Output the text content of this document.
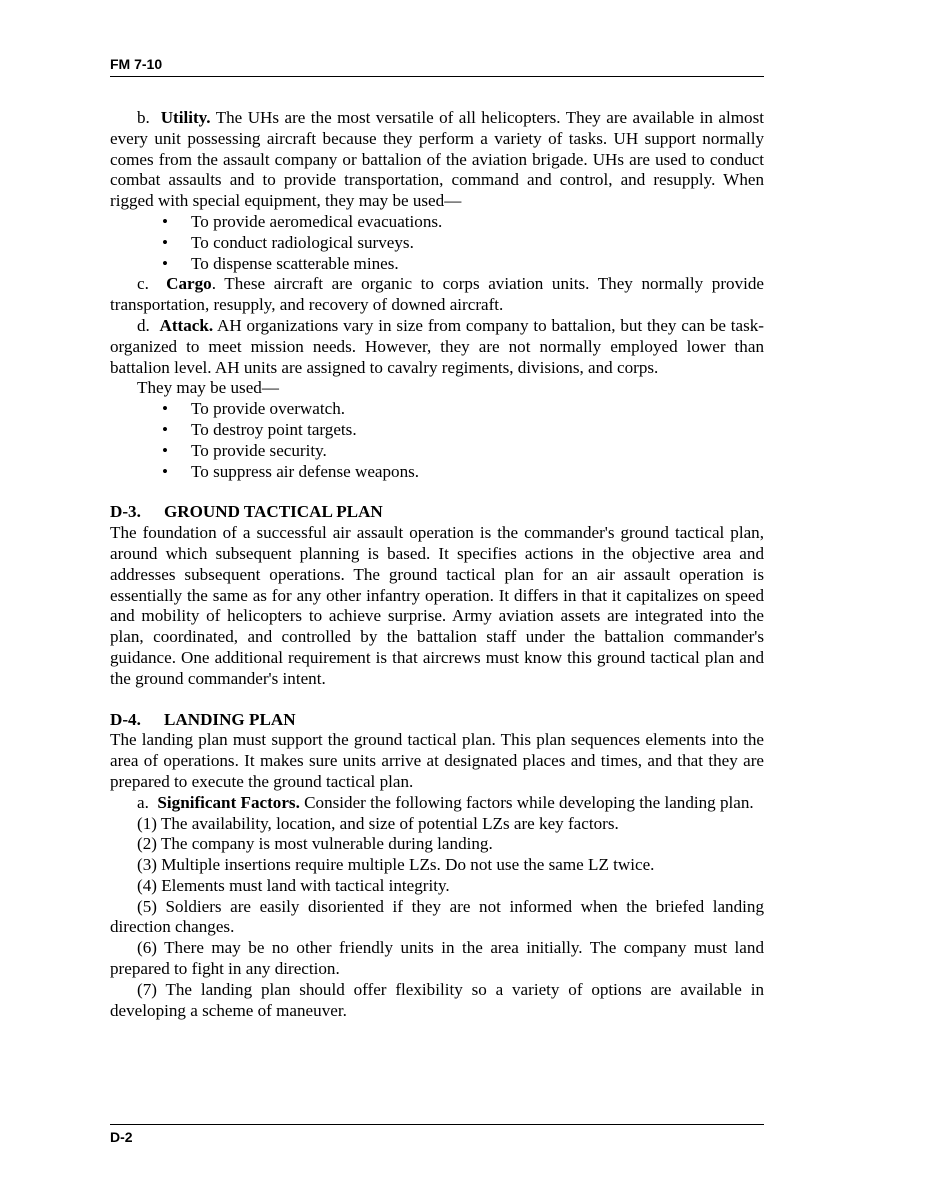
FM 7-10

b. Utility. The UHs are the most versatile of all helicopters. They are available in almost every unit possessing aircraft because they perform a variety of tasks. UH support normally comes from the assault company or battalion of the aviation brigade. UHs are used to conduct combat assaults and to provide transportation, command and control, and resupply. When rigged with special equipment, they may be used—

• To provide aeromedical evacuations.
• To conduct radiological surveys.
• To dispense scatterable mines.

c. Cargo. These aircraft are organic to corps aviation units. They normally provide transportation, resupply, and recovery of downed aircraft.

d. Attack. AH organizations vary in size from company to battalion, but they can be task-organized to meet mission needs. However, they are not normally employed lower than battalion level. AH units are assigned to cavalry regiments, divisions, and corps.

They may be used—

• To provide overwatch.
• To destroy point targets.
• To provide security.
• To suppress air defense weapons.
D-3. GROUND TACTICAL PLAN

The foundation of a successful air assault operation is the commander's ground tactical plan, around which subsequent planning is based. It specifies actions in the objective area and addresses subsequent operations. The ground tactical plan for an air assault operation is essentially the same as for any other infantry operation. It differs in that it capitalizes on speed and mobility of helicopters to achieve surprise. Army aviation assets are integrated into the plan, coordinated, and controlled by the battalion staff under the battalion commander's guidance. One additional requirement is that aircrews must know this ground tactical plan and the ground commander's intent.

D-4. LANDING PLAN

The landing plan must support the ground tactical plan. This plan sequences elements into the area of operations. It makes sure units arrive at designated places and times, and that they are prepared to execute the ground tactical plan.

a. Significant Factors. Consider the following factors while developing the landing plan.

(1) The availability, location, and size of potential LZs are key factors.

(2) The company is most vulnerable during landing.

(3) Multiple insertions require multiple LZs. Do not use the same LZ twice.

(4) Elements must land with tactical integrity.

(5) Soldiers are easily disoriented if they are not informed when the briefed landing direction changes.

(6) There may be no other friendly units in the area initially. The company must land prepared to fight in any direction.

(7) The landing plan should offer flexibility so a variety of options are available in developing a scheme of maneuver.

D-2
